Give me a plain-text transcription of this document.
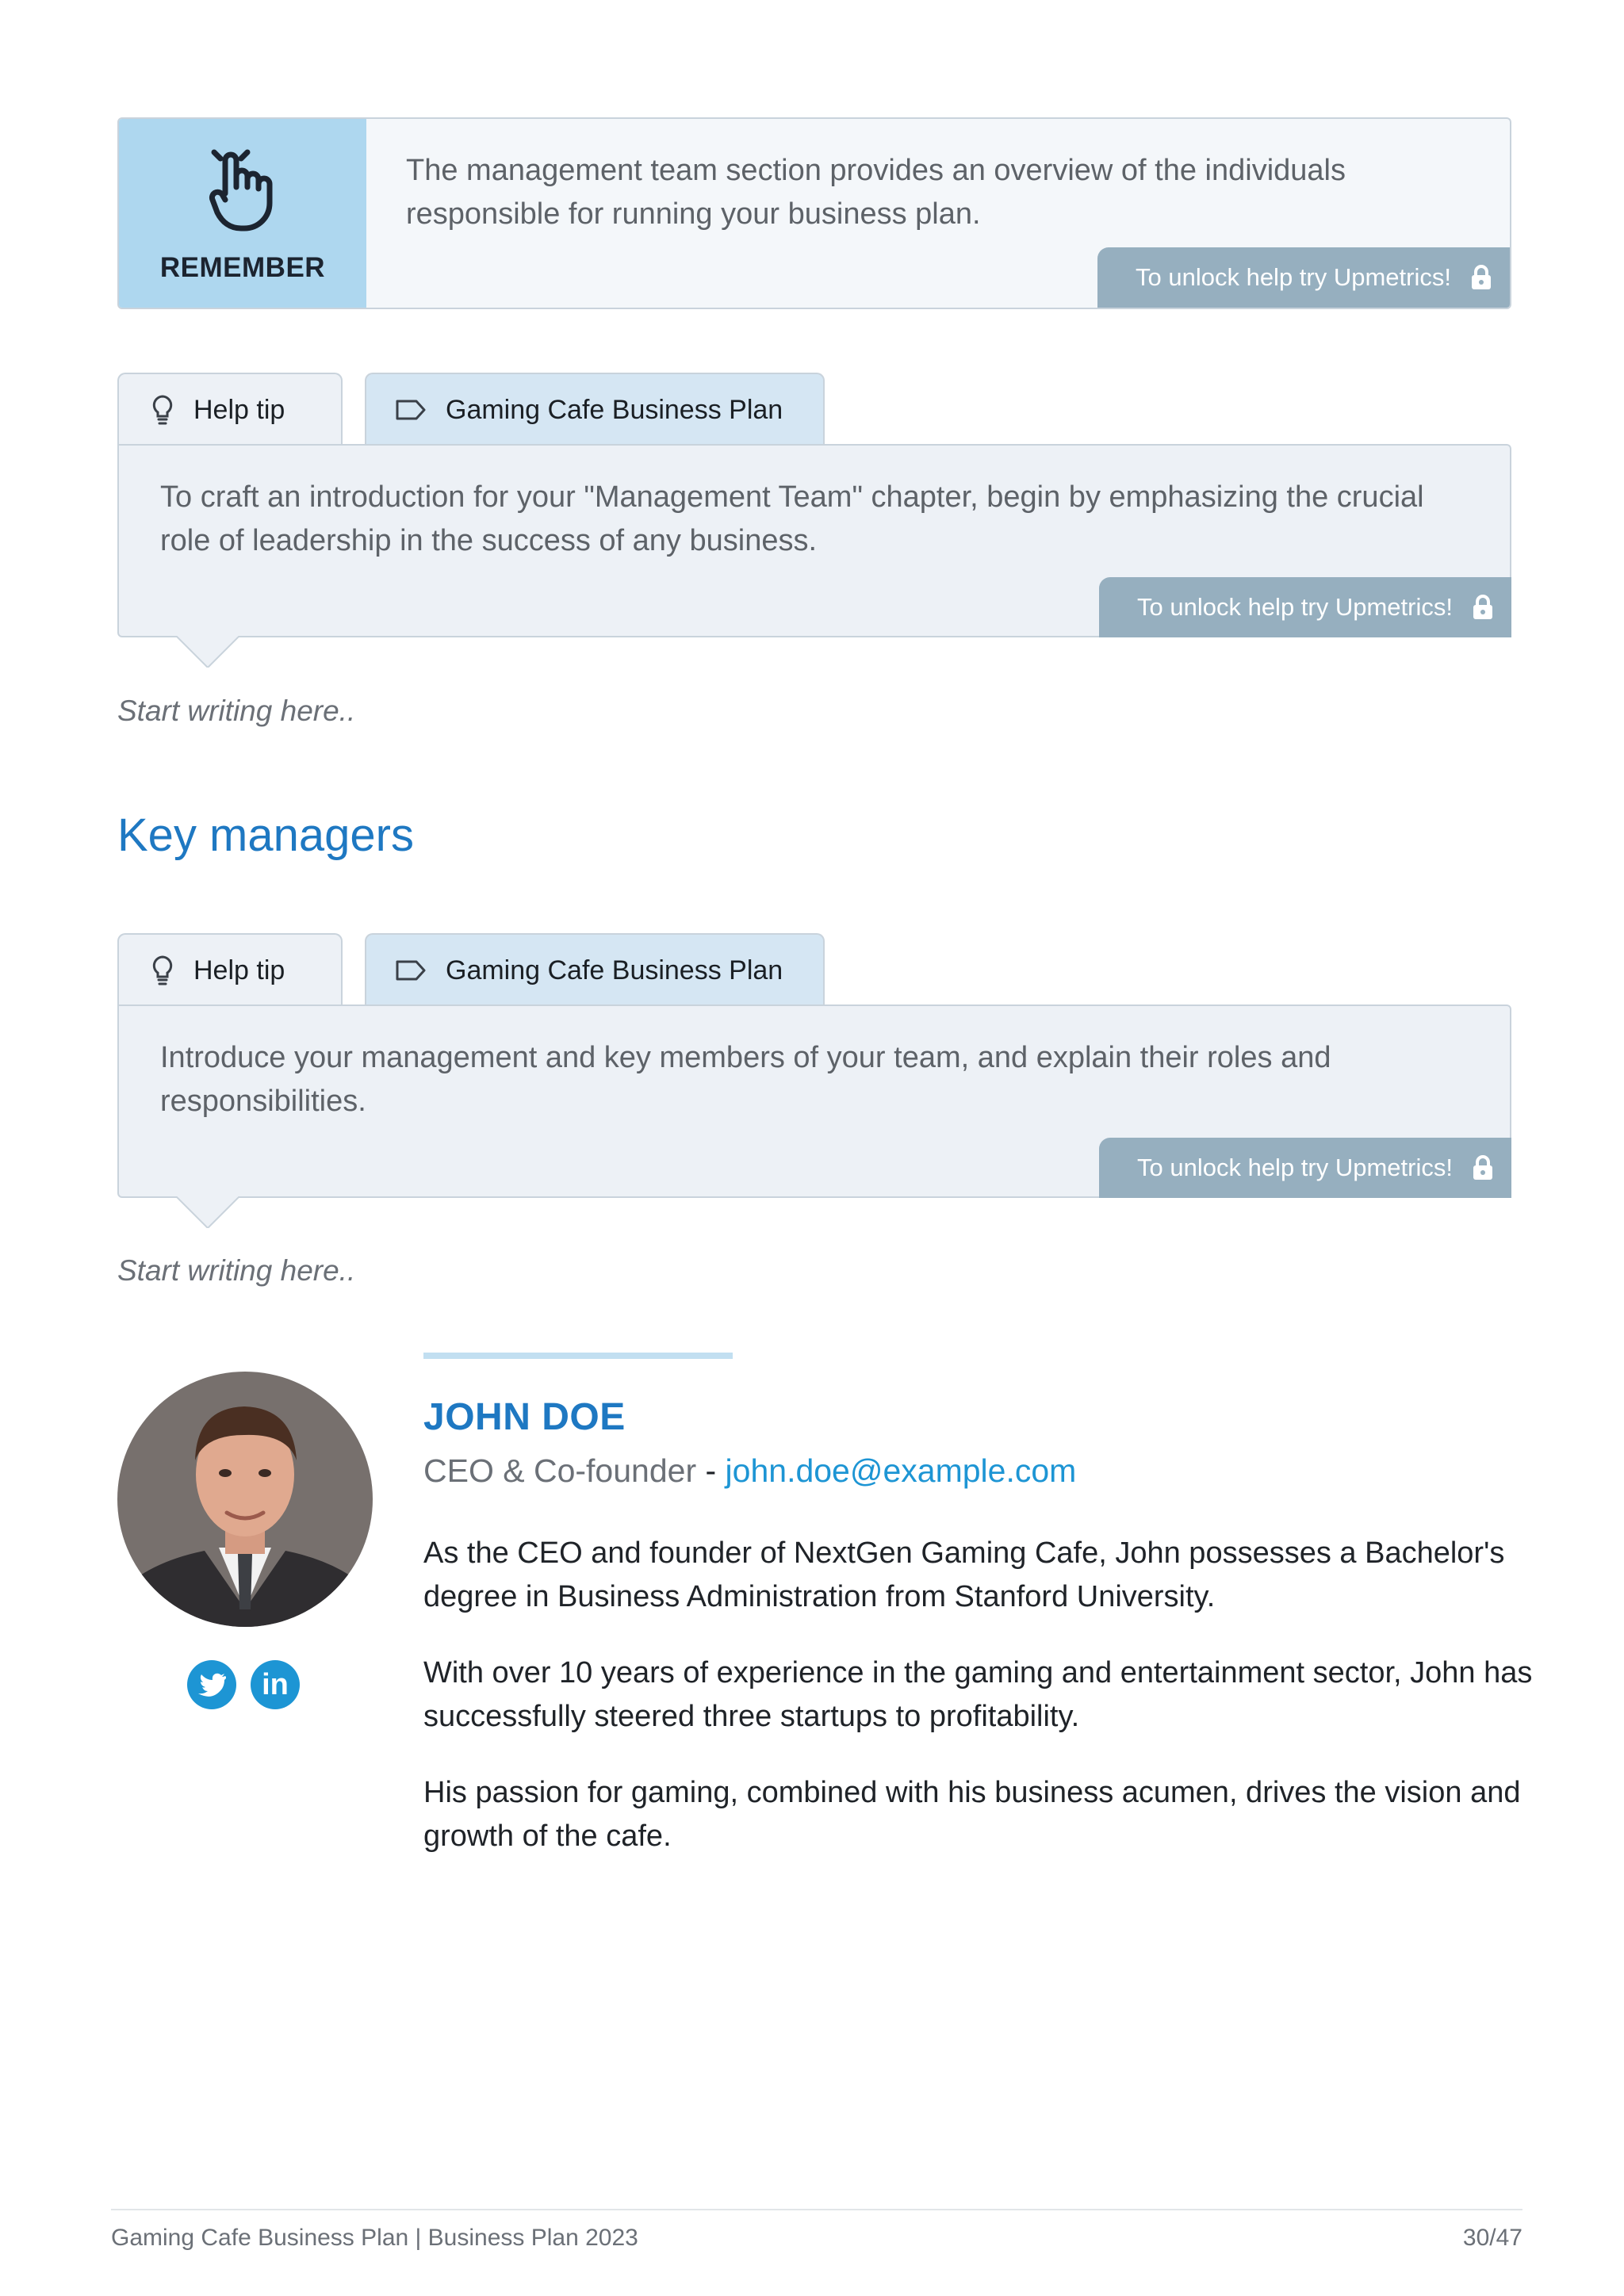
REMEMBER
The management team section provides an overview of the individuals responsible for running your business plan.
To unlock help try Upmetrics!
Help tip	Gaming Cafe Business Plan
To craft an introduction for your "Management Team" chapter, begin by emphasizing the crucial role of leadership in the success of any business.
To unlock help try Upmetrics!
Start writing here..
Key managers
Help tip	Gaming Cafe Business Plan
Introduce your management and key members of your team, and explain their roles and responsibilities.
To unlock help try Upmetrics!
Start writing here..
in
JOHN DOE
CEO & Co-founder - john.doe@example.com
As the CEO and founder of NextGen Gaming Cafe, John possesses a Bachelor's degree in Business Administration from Stanford University.
With over 10 years of experience in the gaming and entertainment sector, John has successfully steered three startups to profitability.
His passion for gaming, combined with his business acumen, drives the vision and growth of the cafe.
Gaming Cafe Business Plan | Business Plan 2023	30/47
